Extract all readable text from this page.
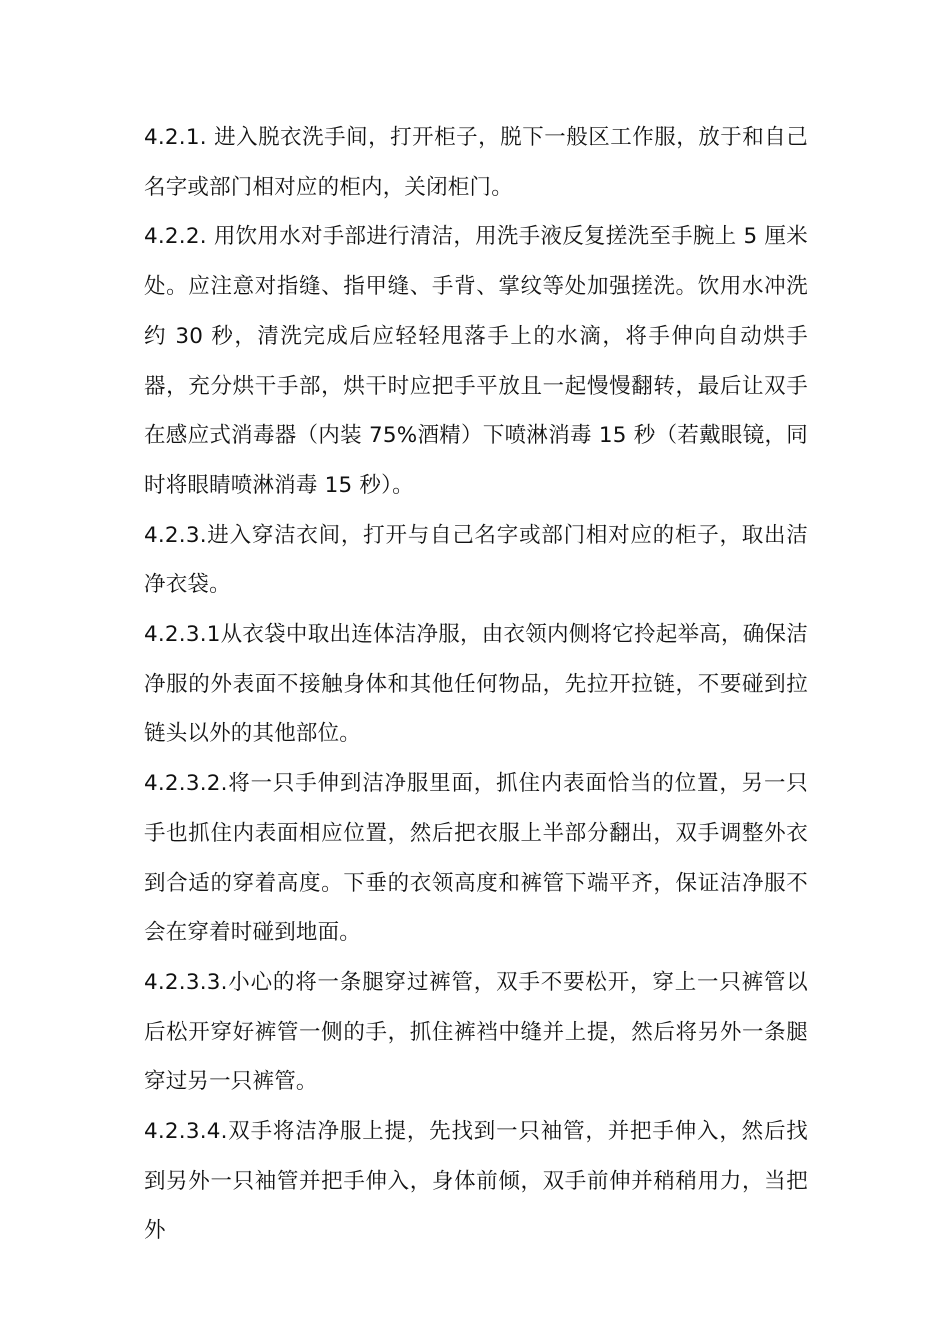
4.2.1. 进入脱衣洗手间，打开柜子，脱下一般区工作服，放于和自己名字或部门相对应的柜内，关闭柜门。

4.2.2. 用饮用水对手部进行清洁，用洗手液反复搓洗至手腕上 5 厘米处。应注意对指缝、指甲缝、手背、掌纹等处加强搓洗。饮用水冲洗约 30 秒，清洗完成后应轻轻甩落手上的水滴，将手伸向自动烘手器，充分烘干手部，烘干时应把手平放且一起慢慢翻转，最后让双手在感应式消毒器（内装 75%酒精）下喷淋消毒 15 秒（若戴眼镜，同时将眼睛喷淋消毒 15 秒）。

4.2.3.进入穿洁衣间，打开与自己名字或部门相对应的柜子，取出洁净衣袋。

4.2.3.1从衣袋中取出连体洁净服，由衣领内侧将它拎起举高，确保洁净服的外表面不接触身体和其他任何物品，先拉开拉链，不要碰到拉链头以外的其他部位。

4.2.3.2.将一只手伸到洁净服里面，抓住内表面恰当的位置，另一只手也抓住内表面相应位置，然后把衣服上半部分翻出，双手调整外衣到合适的穿着高度。下垂的衣领高度和裤管下端平齐，保证洁净服不会在穿着时碰到地面。

4.2.3.3.小心的将一条腿穿过裤管，双手不要松开，穿上一只裤管以后松开穿好裤管一侧的手，抓住裤裆中缝并上提，然后将另外一条腿穿过另一只裤管。

4.2.3.4.双手将洁净服上提，先找到一只袖管，并把手伸入，然后找到另外一只袖管并把手伸入，身体前倾，双手前伸并稍稍用力，当把外
